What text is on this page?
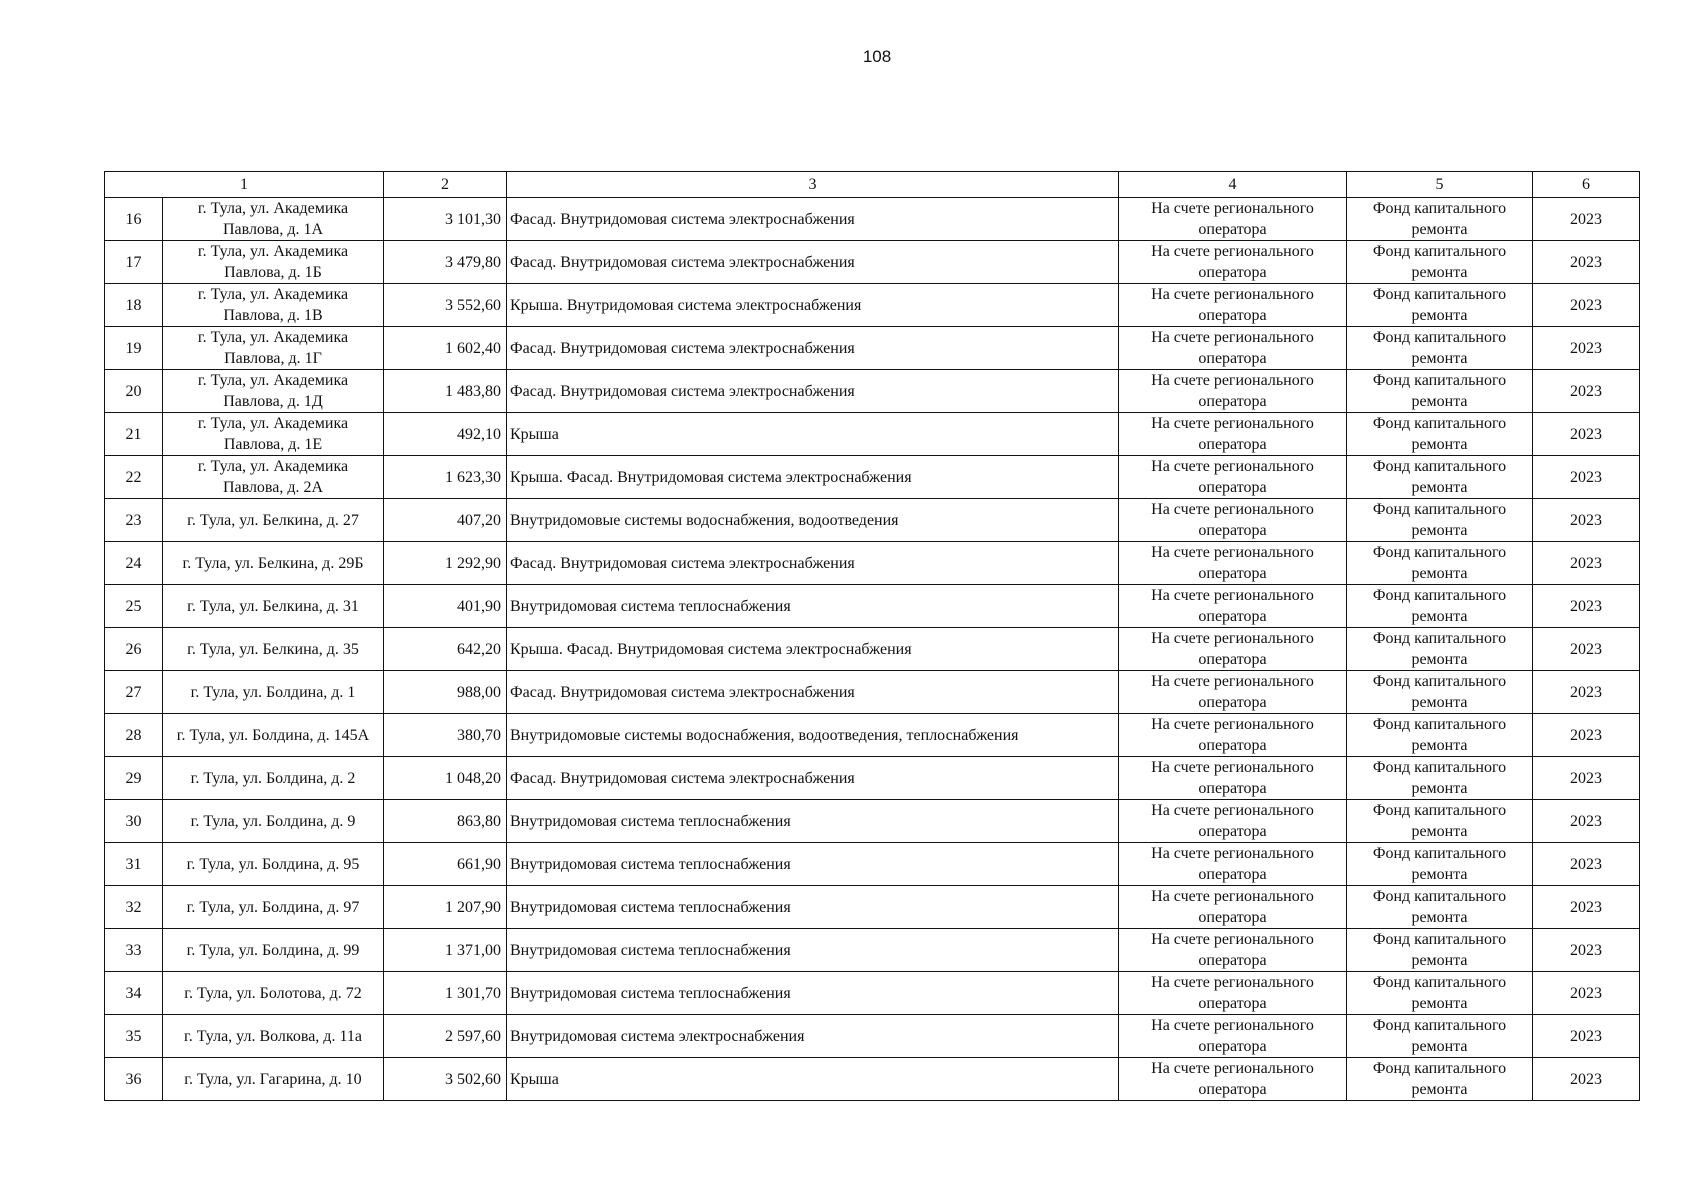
108
1		2	3	4	5	6
16	г. Тула, ул. Академика Павлова, д. 1А	3 101,30	Фасад. Внутридомовая система электроснабжения	На счете регионального оператора	Фонд капитального ремонта	2023
17	г. Тула, ул. Академика Павлова, д. 1Б	3 479,80	Фасад. Внутридомовая система электроснабжения	На счете регионального оператора	Фонд капитального ремонта	2023
18	г. Тула, ул. Академика Павлова, д. 1В	3 552,60	Крыша. Внутридомовая система электроснабжения	На счете регионального оператора	Фонд капитального ремонта	2023
19	г. Тула, ул. Академика Павлова, д. 1Г	1 602,40	Фасад. Внутридомовая система электроснабжения	На счете регионального оператора	Фонд капитального ремонта	2023
20	г. Тула, ул. Академика Павлова, д. 1Д	1 483,80	Фасад. Внутридомовая система электроснабжения	На счете регионального оператора	Фонд капитального ремонта	2023
21	г. Тула, ул. Академика Павлова, д. 1Е	492,10	Крыша	На счете регионального оператора	Фонд капитального ремонта	2023
22	г. Тула, ул. Академика Павлова, д. 2А	1 623,30	Крыша. Фасад. Внутридомовая система электроснабжения	На счете регионального оператора	Фонд капитального ремонта	2023
23	г. Тула, ул. Белкина, д. 27	407,20	Внутридомовые системы водоснабжения, водоотведения	На счете регионального оператора	Фонд капитального ремонта	2023
24	г. Тула, ул. Белкина, д. 29Б	1 292,90	Фасад. Внутридомовая система электроснабжения	На счете регионального оператора	Фонд капитального ремонта	2023
25	г. Тула, ул. Белкина, д. 31	401,90	Внутридомовая система теплоснабжения	На счете регионального оператора	Фонд капитального ремонта	2023
26	г. Тула, ул. Белкина, д. 35	642,20	Крыша. Фасад. Внутридомовая система электроснабжения	На счете регионального оператора	Фонд капитального ремонта	2023
27	г. Тула, ул. Болдина, д. 1	988,00	Фасад. Внутридомовая система электроснабжения	На счете регионального оператора	Фонд капитального ремонта	2023
28	г. Тула, ул. Болдина, д. 145А	380,70	Внутридомовые системы водоснабжения, водоотведения, теплоснабжения	На счете регионального оператора	Фонд капитального ремонта	2023
29	г. Тула, ул. Болдина, д. 2	1 048,20	Фасад. Внутридомовая система электроснабжения	На счете регионального оператора	Фонд капитального ремонта	2023
30	г. Тула, ул. Болдина, д. 9	863,80	Внутридомовая система теплоснабжения	На счете регионального оператора	Фонд капитального ремонта	2023
31	г. Тула, ул. Болдина, д. 95	661,90	Внутридомовая система теплоснабжения	На счете регионального оператора	Фонд капитального ремонта	2023
32	г. Тула, ул. Болдина, д. 97	1 207,90	Внутридомовая система теплоснабжения	На счете регионального оператора	Фонд капитального ремонта	2023
33	г. Тула, ул. Болдина, д. 99	1 371,00	Внутридомовая система теплоснабжения	На счете регионального оператора	Фонд капитального ремонта	2023
34	г. Тула, ул. Болотова, д. 72	1 301,70	Внутридомовая система теплоснабжения	На счете регионального оператора	Фонд капитального ремонта	2023
35	г. Тула, ул. Волкова, д. 11а	2 597,60	Внутридомовая система электроснабжения	На счете регионального оператора	Фонд капитального ремонта	2023
36	г. Тула, ул. Гагарина, д. 10	3 502,60	Крыша	На счете регионального оператора	Фонд капитального ремонта	2023
